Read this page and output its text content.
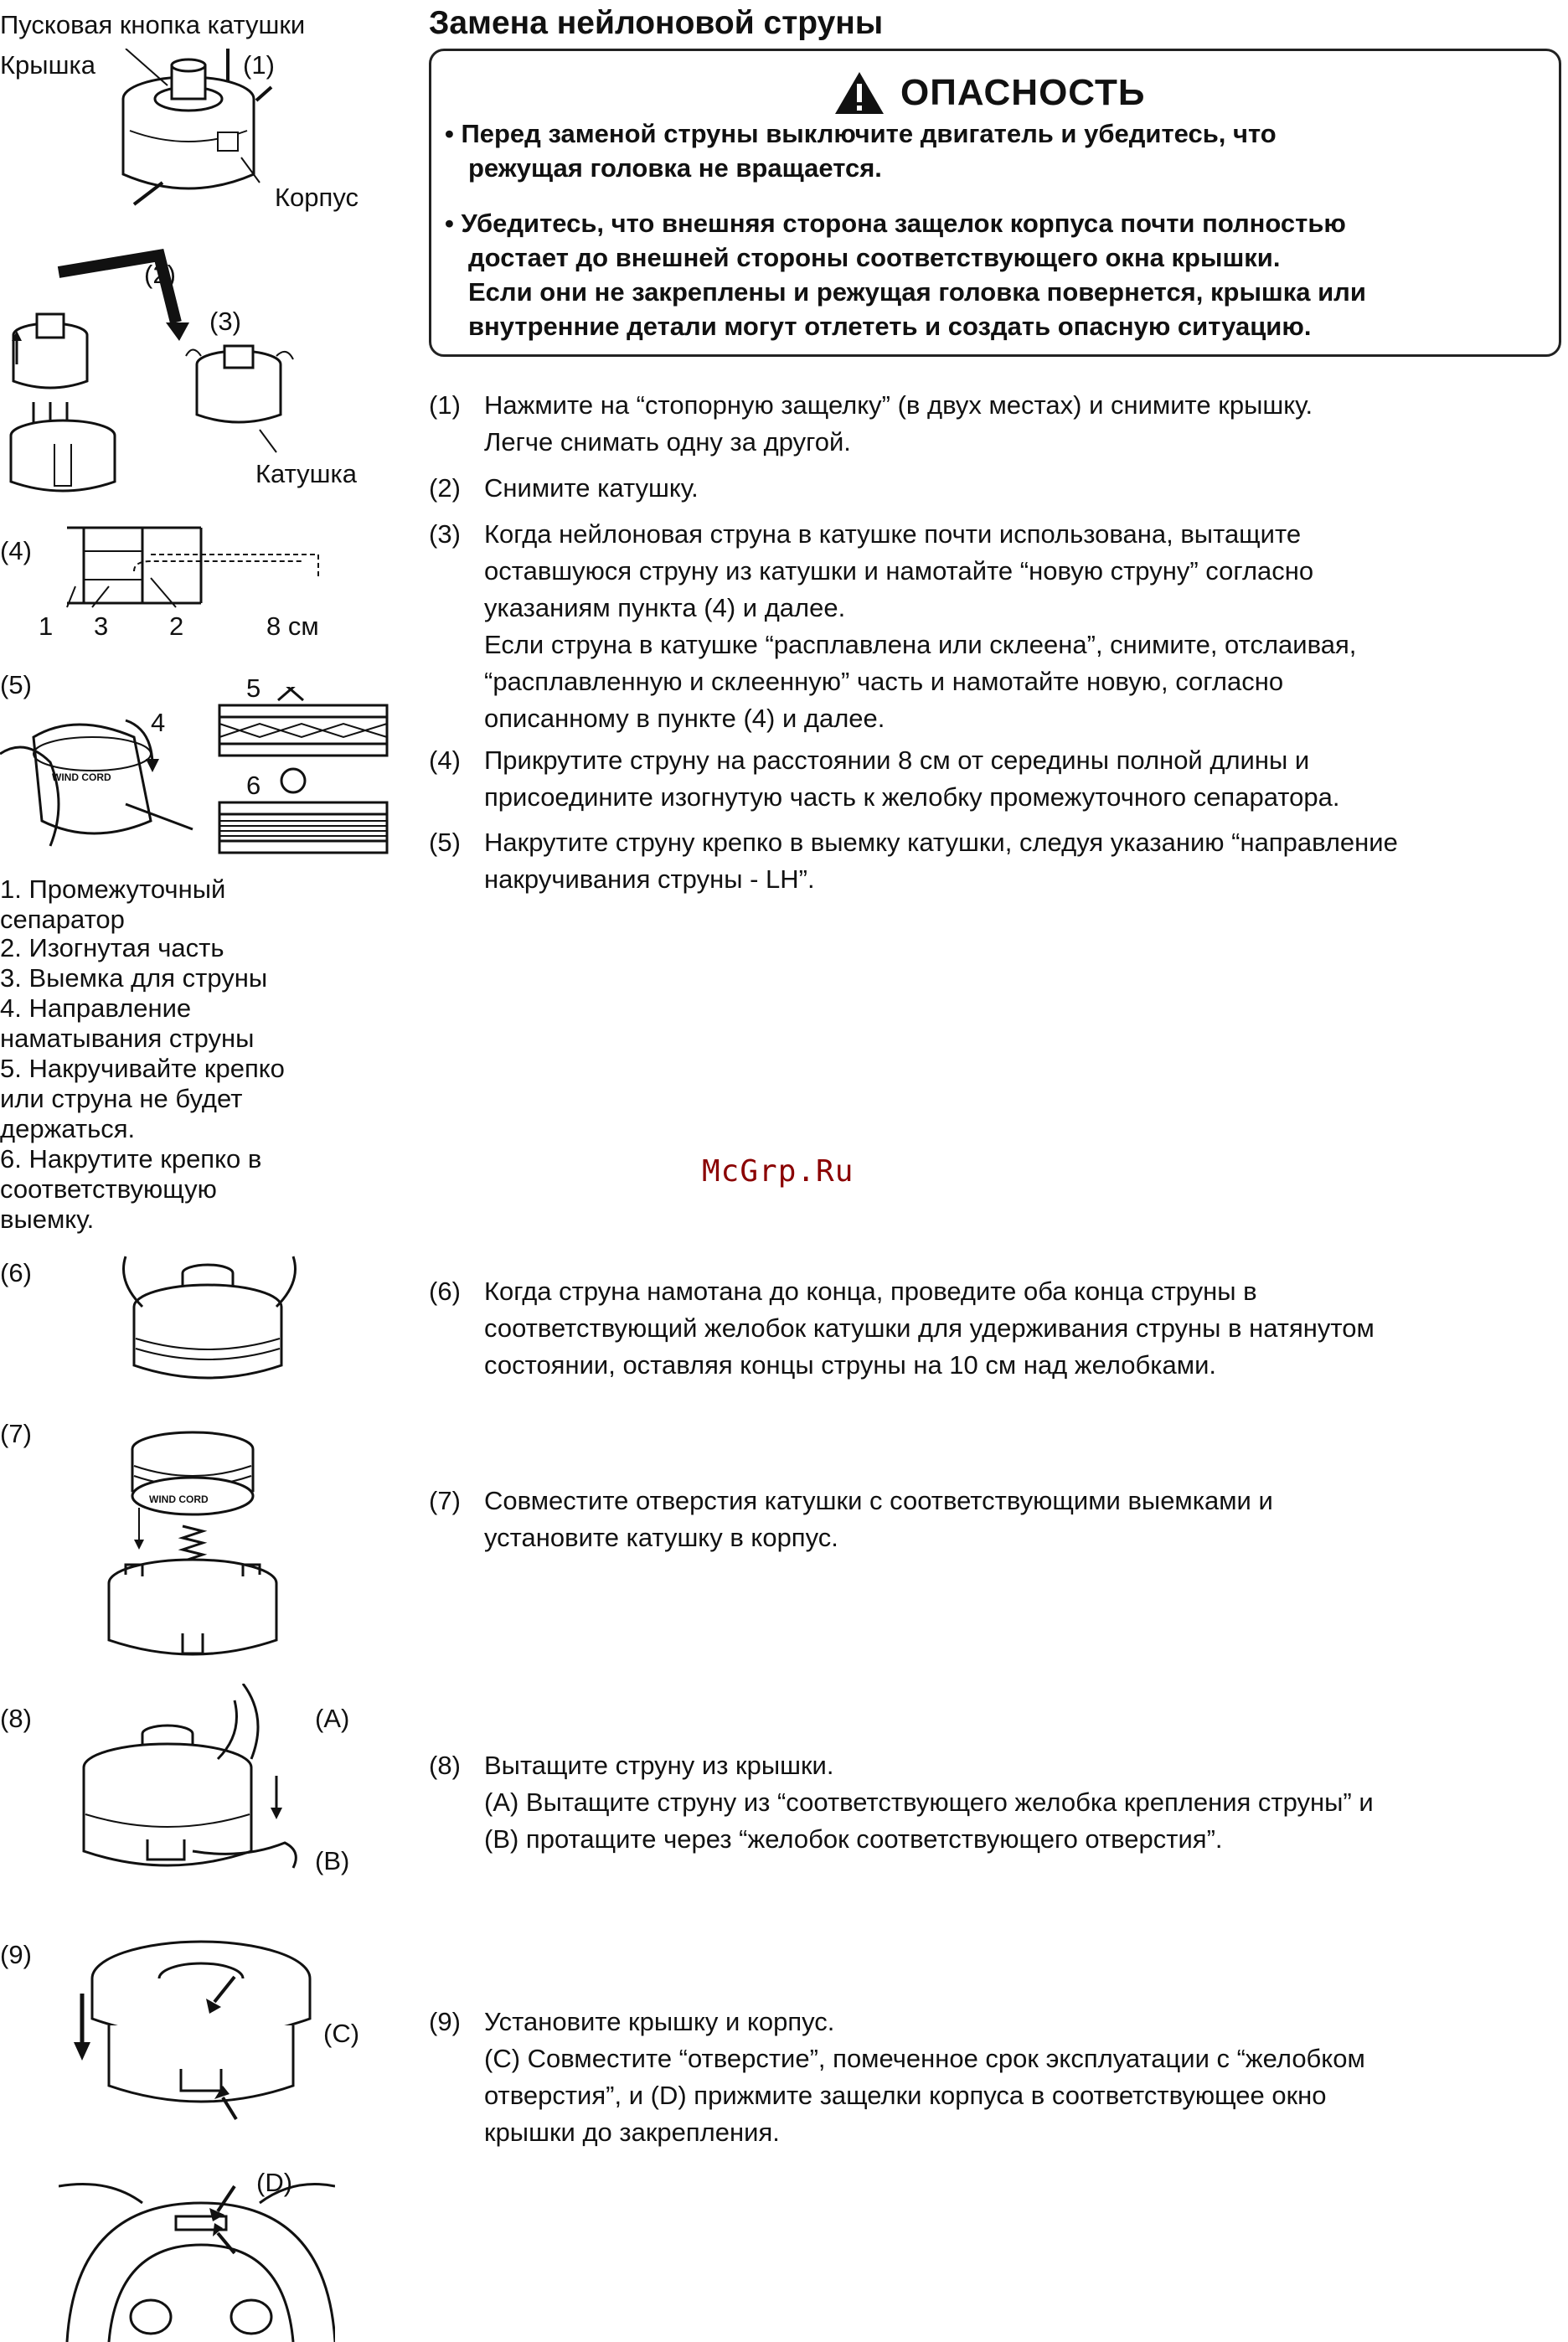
Замена нейлоновой струны
ОПАСНОСТЬ
• Перед заменой струны выключите двигатель и убедитесь, что
режущая головка не вращается.
• Убедитесь, что внешняя сторона защелок корпуса почти полностью
достает до внешней стороны соответствующего окна крышки.
Если они не закреплены и режущая головка повернется, крышка или
внутренние детали могут отлететь и создать опасную ситуацию.
(1) Нажмите на “стопорную защелку” (в двух местах) и снимите крышку.
Легче снимать одну за другой.
(2) Снимите катушку.
(3) Когда нейлоновая струна в катушке почти использована, вытащите
оставшуюся струну из катушки и намотайте “новую струну” согласно
указаниям пункта (4) и далее.
Если струна в катушке “расплавлена или склеена”, снимите, отслаивая,
“расплавленную и склеенную” часть и намотайте новую, согласно
описанному в пункте (4) и далее.
(4) Прикрутите струну на расстоянии 8 см от середины полной длины и
присоедините изогнутую часть к желобку промежуточного сепаратора.
(5) Накрутите струну крепко в выемку катушки, следуя указанию “направление
накручивания струны - LH”.
(6) Когда струна намотана до конца, проведите оба конца струны в
соответствующий желобок катушки для удерживания струны в натянутом
состоянии, оставляя концы струны на 10 см над желобками.
(7) Совместите отверстия катушки с соответствующими выемками и
установите катушку в корпус.
(8) Вытащите струну из крышки.
(A) Вытащите струну из “соответствующего желобка крепления струны” и
(B) протащите через “желобок соответствующего отверстия”.
(9) Установите крышку и корпус.
(C) Совместите “отверстие”, помеченное срок эксплуатации с “желобком
отверстия”, и (D) прижмите защелки корпуса в соответствующее окно
крышки до закрепления.
McGrp.Ru
Пусковая кнопка катушки
Крышка	(1)
Корпус
(2)
(3)
Катушка
(4)
1 3 2	8 см
(5)
4
5
6
WIND CORD
1. Промежуточный
сепаратор
2. Изогнутая часть
3. Выемка для струны
4. Направление
наматывания струны
5. Накручивайте крепко
или струна не будет
держаться.
6. Накрутите крепко в
соответствующую
выемку.
(6)
(7)
WIND CORD
(8)	(A)
(B)
(9)
(C)
(D)
